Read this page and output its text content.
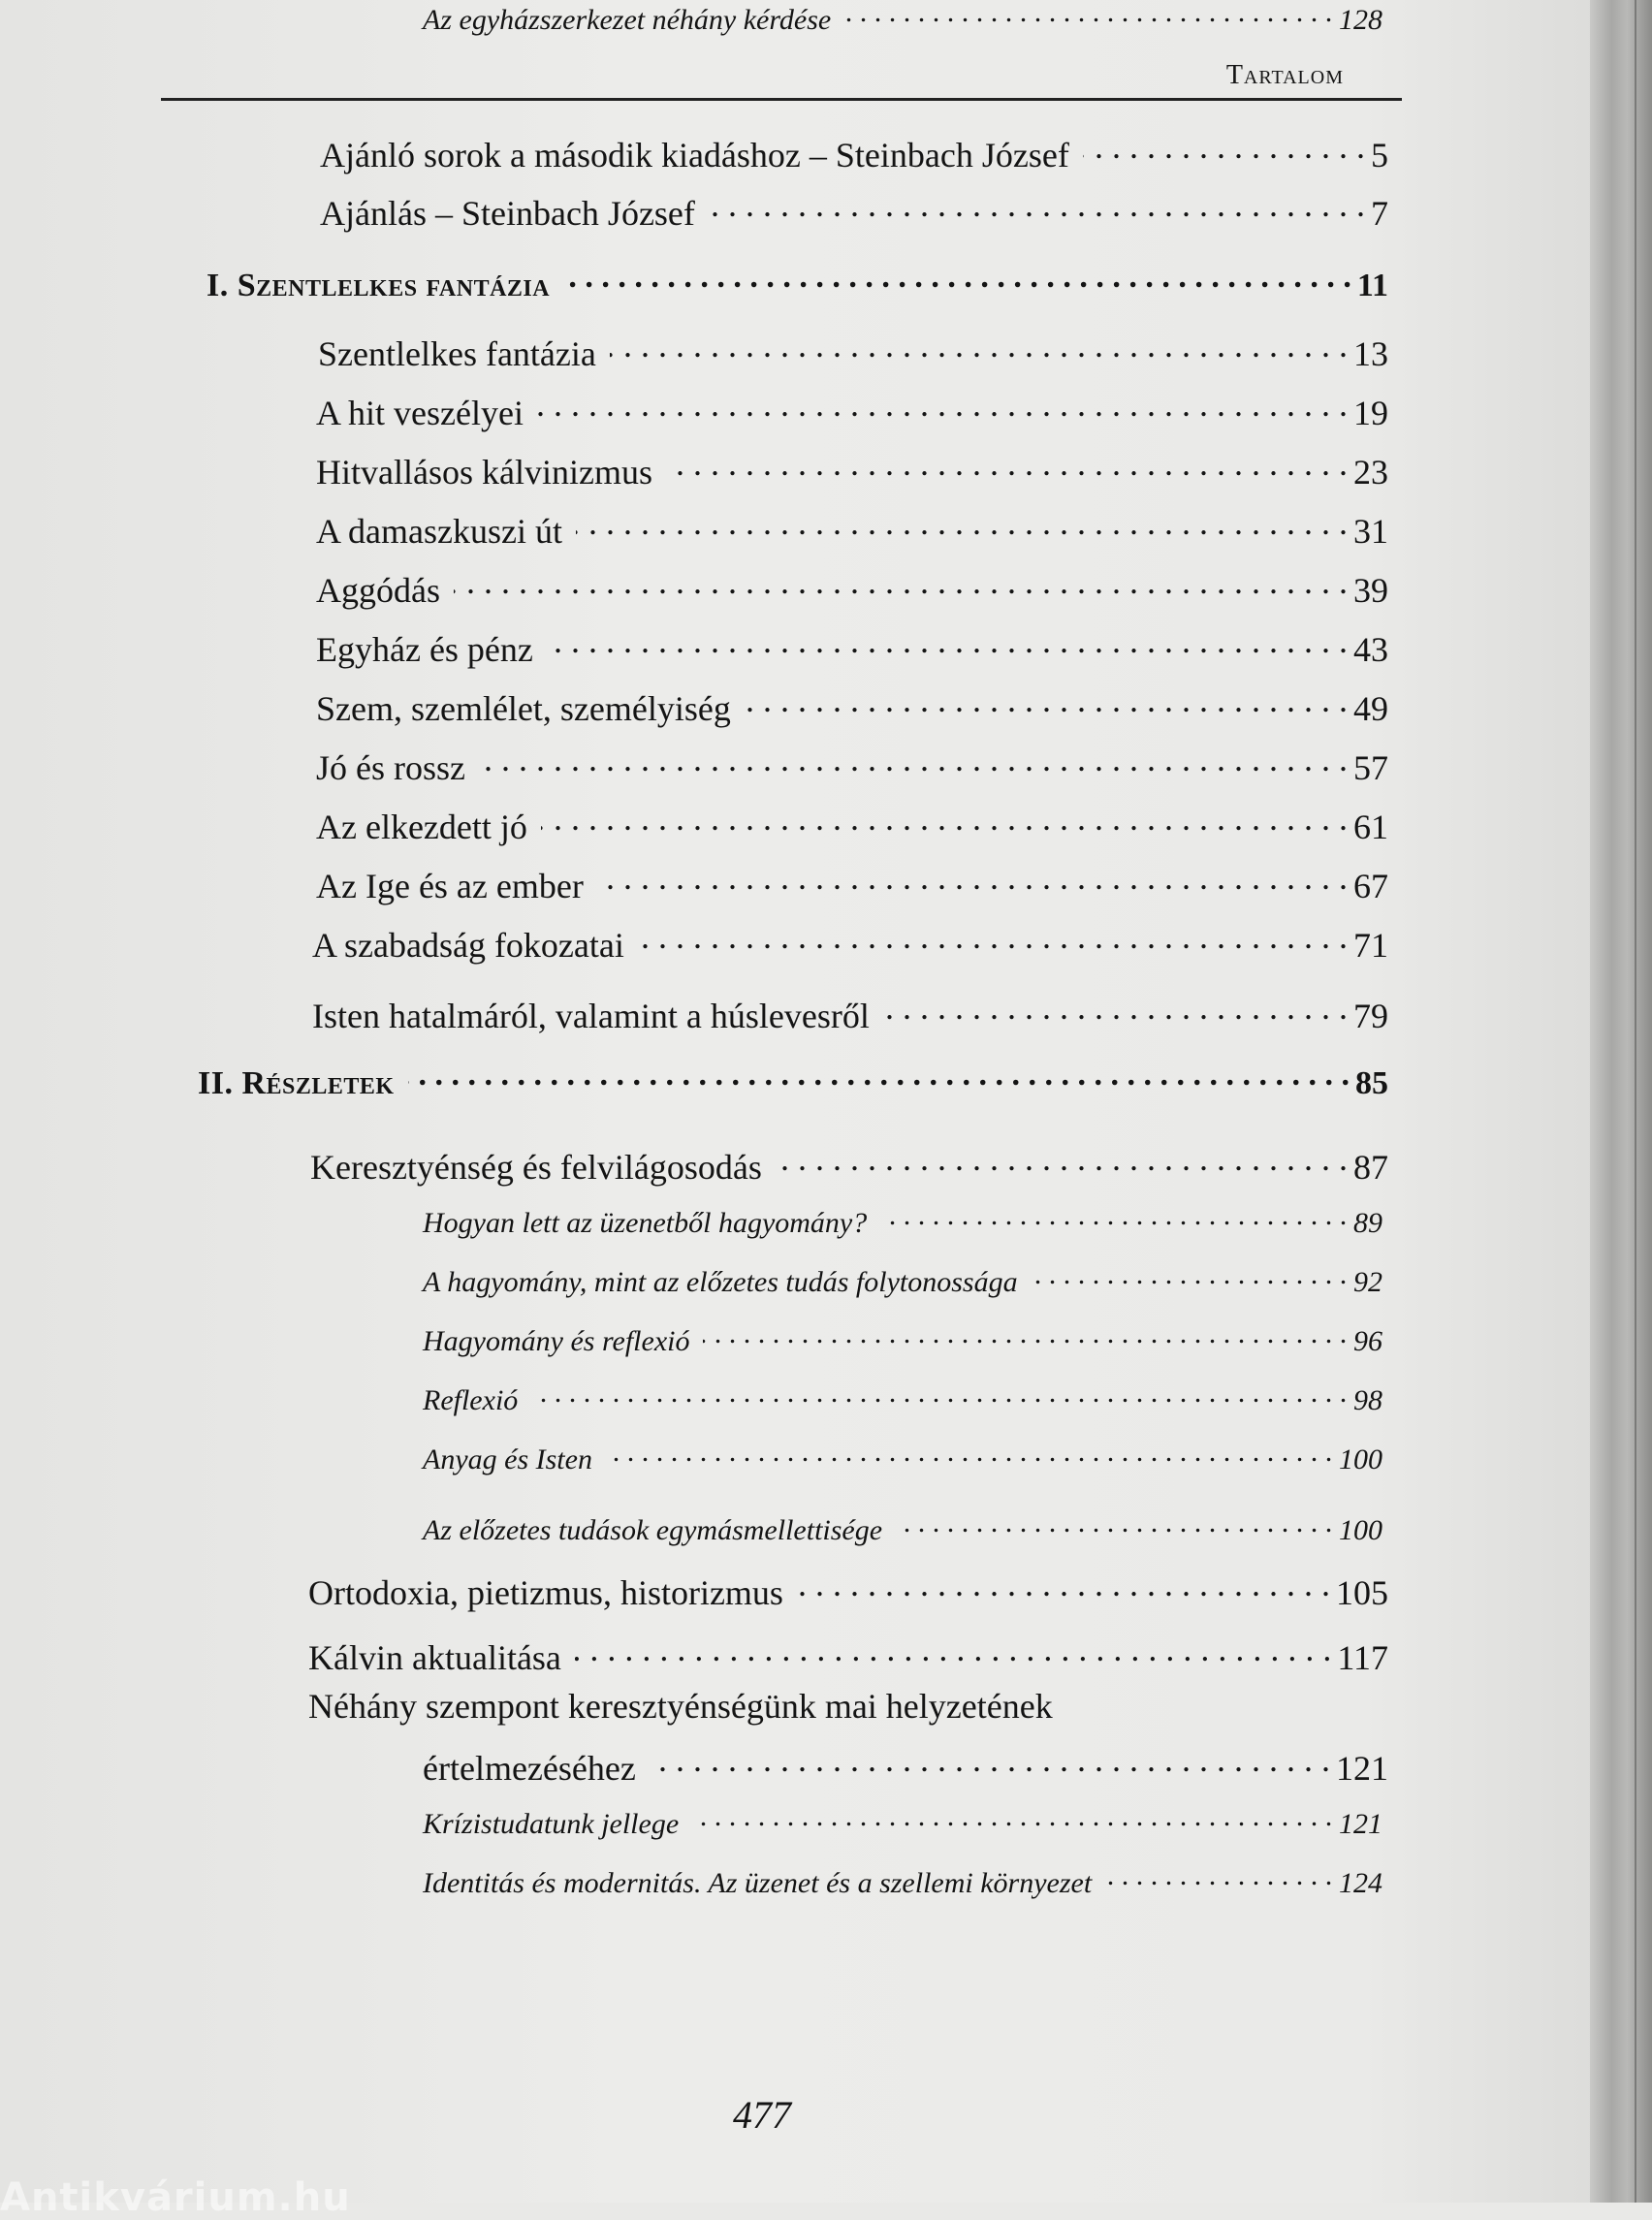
Tartalom
Ajánló sorok a második kiadáshoz – Steinbach József . . .	5
Ajánlás – Steinbach József . . .	7
I. Szentlelkes fantázia . . .	11
Szentlelkes fantázia . . .	13
A hit veszélyei . . .	19
Hitvallásos kálvinizmus . . .	23
A damaszkuszi út . . .	31
Aggódás . . .	39
Egyház és pénz . . .	43
Szem, szemlélet, személyiség . . .	49
Jó és rossz . . .	57
Az elkezdett jó . . .	61
Az Ige és az ember . . .	67
A szabadság fokozatai . . .	71
Isten hatalmáról, valamint a húslevesről . . .	79
II. Részletek . . .	85
Keresztyénség és felvilágosodás . . .	87
Hogyan lett az üzenetből hagyomány? . . .	89
A hagyomány, mint az előzetes tudás folytonossága . . .	92
Hagyomány és reflexió . . .	96
Reflexió . . .	98
Anyag és Isten . . .	100
Az előzetes tudások egymásmellettisége . . .	100
Ortodoxia, pietizmus, historizmus . . .	105
Kálvin aktualitása . . .	117
Néhány szempont keresztyénségünk mai helyzetének
értelmezéséhez . . .	121
Krízistudatunk jellege . . .	121
Identitás és modernitás. Az üzenet és a szellemi környezet . . .	124
Az egyházszerkezet néhány kérdése . . .	128
477
Antikvárium.hu
